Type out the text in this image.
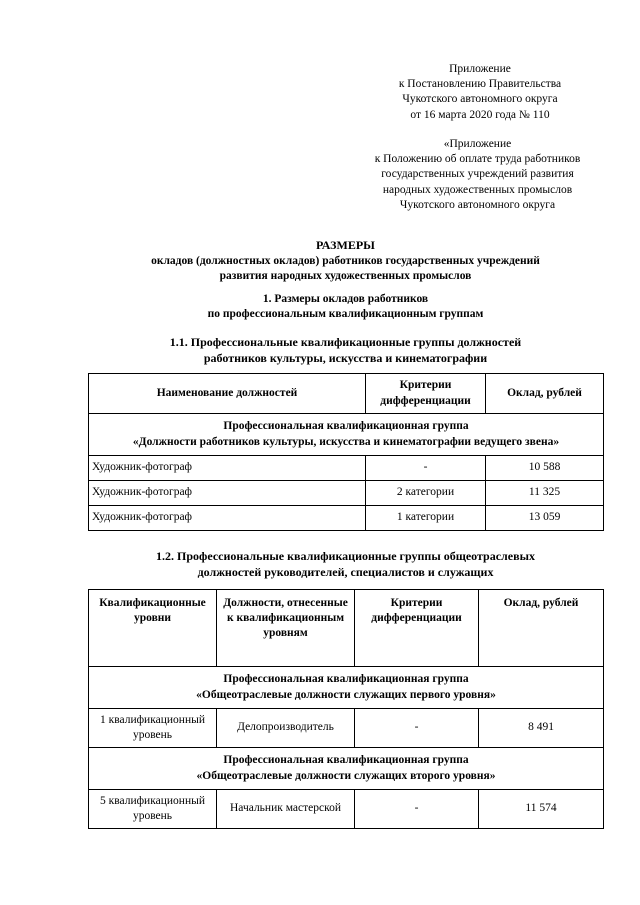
Приложение
к Постановлению Правительства
Чукотского автономного округа
от 16 марта 2020 года № 110
«Приложение
к Положению об оплате труда работников
государственных учреждений развития
народных художественных промыслов
Чукотского автономного округа
РАЗМЕРЫ
окладов (должностных окладов) работников государственных учреждений
развития народных художественных промыслов
1. Размеры окладов работников
по профессиональным квалификационным группам
1.1. Профессиональные квалификационные группы должностей
работников культуры, искусства и кинематографии
Наименование должностей	Критерии дифференциации	Оклад, рублей

Профессиональная квалификационная группа
«Должности работников культуры, искусства и кинематографии ведущего звена»		

Художник-фотограф	-	10 588
Художник-фотограф	2 категории	11 325
Художник-фотограф	1 категории	13 059
1.2. Профессиональные квалификационные группы общеотраслевых
должностей руководителей, специалистов и служащих
Квалификационные уровни	Должности, отнесенные к квалификационным уровням	Критерии дифференциации	Оклад, рублей

Профессиональная квалификационная группа
«Общеотраслевые должности служащих первого уровня»			

1 квалификационный уровень	Делопроизводитель	-	8 491

Профессиональная квалификационная группа
«Общеотраслевые должности служащих второго уровня»			

5 квалификационный уровень	Начальник мастерской	-	11 574
